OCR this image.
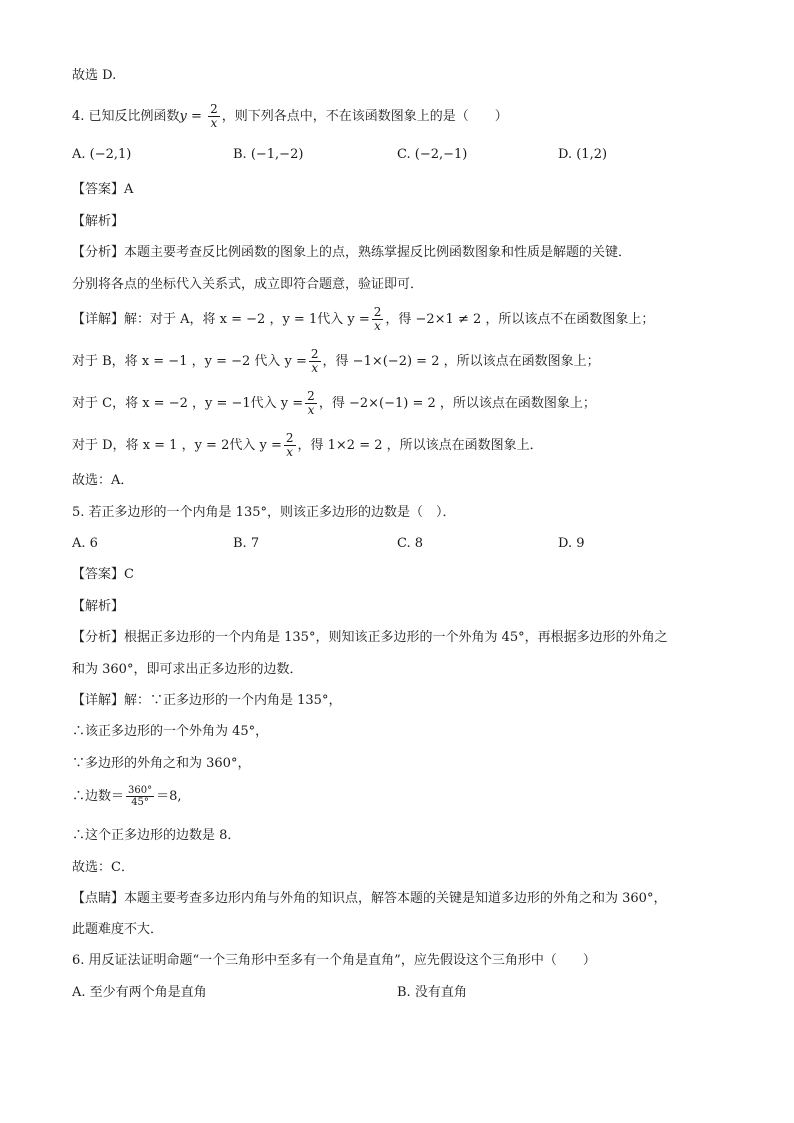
故选 D.
4. 已知反比例函数$y = \frac{2}{x}$ ，则下列各点中，不在该函数图象上的是（　　）
A. (−2,1)	B. (−1,−2)	C. (−2,−1)	D. (1,2)
【答案】A
【解析】
【分析】本题主要考查反比例函数的图象上的点，熟练掌握反比例函数图象和性质是解题的关键．
分别将各点的坐标代入关系式，成立即符合题意，验证即可．
【详解】解：对于 A，将 x = −2 ，y = 1代入 $y = \frac{2}{x}$ ，得 −2×1 ≠ 2 ，所以该点不在函数图象上；
对于 B，将 x = −1 ，y = −2 代入 $y = \frac{2}{x}$ ，得 −1×(−2) = 2 ，所以该点在函数图象上；
对于 C，将 x = −2 ，y = −1代入 $y = \frac{2}{x}$ ，得 −2×(−1) = 2 ，所以该点在函数图象上；
对于 D，将 x = 1 ，y = 2代入 $y = \frac{2}{x}$ ，得 1×2 = 2 ，所以该点在函数图象上．
故选：A．
5. 若正多边形的一个内角是 135°，则该正多边形的边数是（　）．
A. 6	B. 7	C. 8	D. 9
【答案】C
【解析】
【分析】根据正多边形的一个内角是 135°，则知该正多边形的一个外角为 45°，再根据多边形的外角之
和为 360°，即可求出正多边形的边数．
【详解】解：∵正多边形的一个内角是 135°，
∴该正多边形的一个外角为 45°，
∵多边形的外角之和为 360°，
∴边数＝ $\frac{360^\circ}{45^\circ} =8$,
∴这个正多边形的边数是 8．
故选：C．
【点睛】本题主要考查多边形内角与外角的知识点，解答本题的关键是知道多边形的外角之和为 360°，
此题难度不大．
6. 用反证法证明命题“一个三角形中至多有一个角是直角”，应先假设这个三角形中（　　）
A. 至少有两个角是直角	B. 没有直角
